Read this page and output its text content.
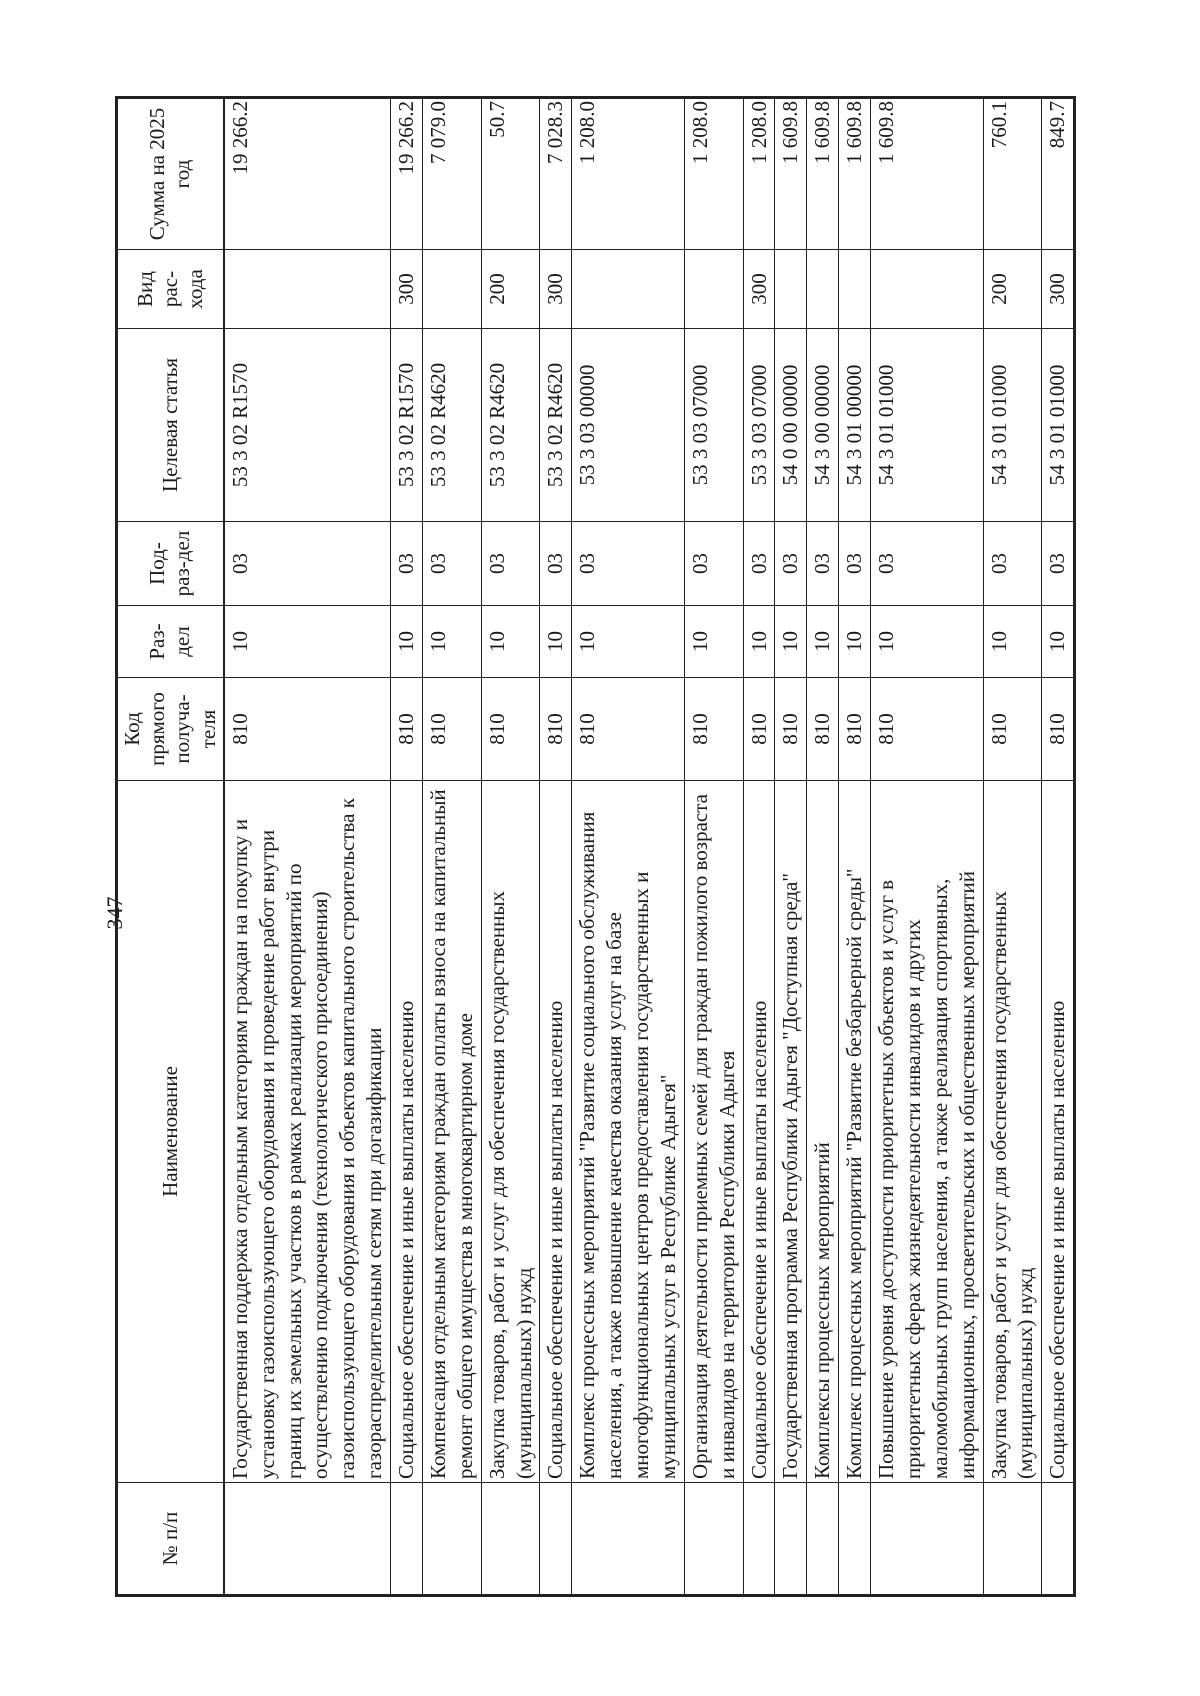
- 347 -
№ п/п	Наименование	Код прямого получа-теля	Раз-дел	Под-раз-дел	Целевая статья	Вид рас-хода	Сумма на 2025 год
	Государственная поддержка отдельным категориям граждан на покупку и установку газоиспользующего оборудования и проведение работ внутри границ их земельных участков в рамках реализации мероприятий по осуществлению подключения (технологического присоединения) газоиспользующего оборудования и объектов капитального строительства к газораспределительным сетям при догазификации	810	10	03	53 3 02 R1570		19 266.2
	Социальное обеспечение и иные выплаты населению	810	10	03	53 3 02 R1570	300	19 266.2
	Компенсация отдельным категориям граждан оплаты взноса на капитальный ремонт общего имущества в многоквартирном доме	810	10	03	53 3 02 R4620		7 079.0
	Закупка товаров, работ и услуг для обеспечения государственных (муниципальных) нужд	810	10	03	53 3 02 R4620	200	50.7
	Социальное обеспечение и иные выплаты населению	810	10	03	53 3 02 R4620	300	7 028.3
	Комплекс процессных мероприятий "Развитие социального обслуживания населения, а также повышение качества оказания услуг на базе многофункциональных центров предоставления государственных и муниципальных услуг в Республике Адыгея"	810	10	03	53 3 03 00000		1 208.0
	Организация деятельности приемных семей для граждан пожилого возраста и инвалидов на территории Республики Адыгея	810	10	03	53 3 03 07000		1 208.0
	Социальное обеспечение и иные выплаты населению	810	10	03	53 3 03 07000	300	1 208.0
	Государственная программа Республики Адыгея "Доступная среда"	810	10	03	54 0 00 00000		1 609.8
	Комплексы процессных мероприятий	810	10	03	54 3 00 00000		1 609.8
	Комплекс процессных мероприятий "Развитие безбарьерной среды"	810	10	03	54 3 01 00000		1 609.8
	Повышение уровня доступности приоритетных объектов и услуг в приоритетных сферах жизнедеятельности инвалидов и других маломобильных групп населения, а также реализация спортивных, информационных, просветительских и общественных мероприятий	810	10	03	54 3 01 01000		1 609.8
	Закупка товаров, работ и услуг для обеспечения государственных (муниципальных) нужд	810	10	03	54 3 01 01000	200	760.1
	Социальное обеспечение и иные выплаты населению	810	10	03	54 3 01 01000	300	849.7
